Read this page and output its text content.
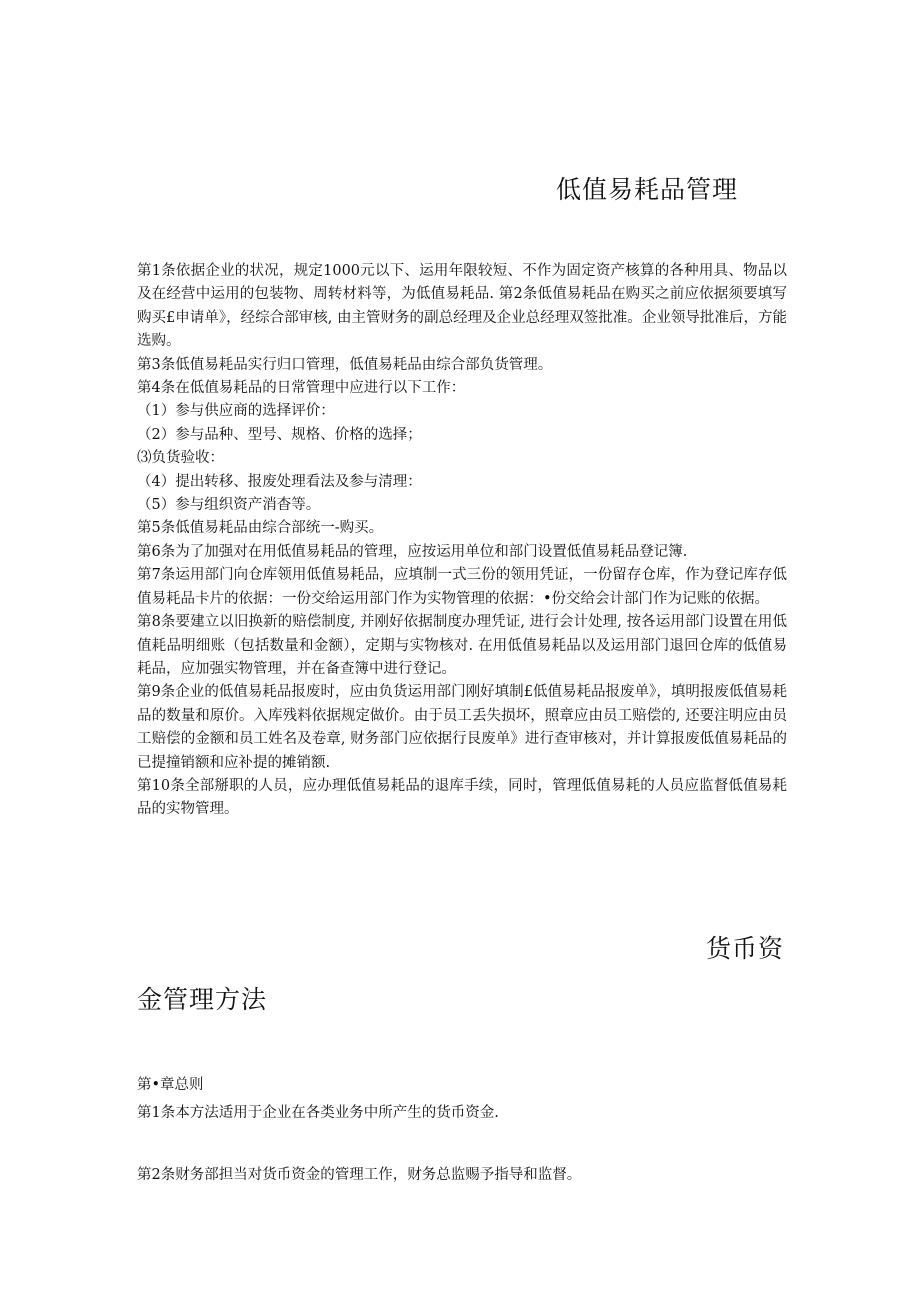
低值易耗品管理

第1条依据企业的状况，规定1000元以下、运用年限较短、不作为固定资产核算的各种用具、物品以及在经营中运用的包装物、周转材料等，为低值易耗品. 第2条低值易耗品在购买之前应依据须要填写购买£申请单》，经综合部审核, 由主管财务的副总经理及企业总经理双签批准。企业领导批准后，方能选购。

第3条低值易耗品实行归口管理，低值易耗品由综合部负货管理。

第4条在低值易耗品的日常管理中应进行以下工作：

（1）参与供应商的选择评价：

（2）参与品种、型号、规格、价格的选择；

⑶负货验收：

（4）提出转移、报废处理看法及参与清理：

（5）参与组织资产消杳等。

第5条低值易耗品由综合部统一-购买。

第6条为了加强对在用低值易耗品的管理，应按运用单位和部门设置低值易耗品登记簿.

第7条运用部门向仓库领用低值易耗品，应填制一式三份的领用凭证，一份留存仓库，作为登记库存低值易耗品卡片的依据：一份交给运用部门作为实物管理的依据：•份交给会计部门作为记账的依据。

第8条要建立以旧换新的赔偿制度, 并刚好依据制度办理凭证, 进行会计处理, 按各运用部门设置在用低值耗品明细账（包括数量和金额），定期与实物核对. 在用低值易耗品以及运用部门退回仓库的低值易耗品，应加强实物管理，并在备查簿中进行登记。

第9条企业的低值易耗品报废时，应由负货运用部门刚好填制£低值易耗品报废单》，填明报废低值易耗品的数量和原价。入库残料依据规定做价。由于员工丢失损坏，照章应由员工赔偿的, 还要注明应由员工赔偿的金额和员工姓名及卷章, 财务部门应依据行艮废单》进行查审核对，并计算报废低值易耗品的已提撞销额和应补提的摊销额.

第10条全部掰职的人员，应办理低值易耗品的退库手续，同时，管理低值易耗的人员应监督低值易耗品的实物管理。

货币资
金管理方法
第•章总则
第1条本方法适用于企业在各类业务中所产生的货币资金.
第2条财务部担当对货币资金的管理工作，财务总监赐予指导和监督。
